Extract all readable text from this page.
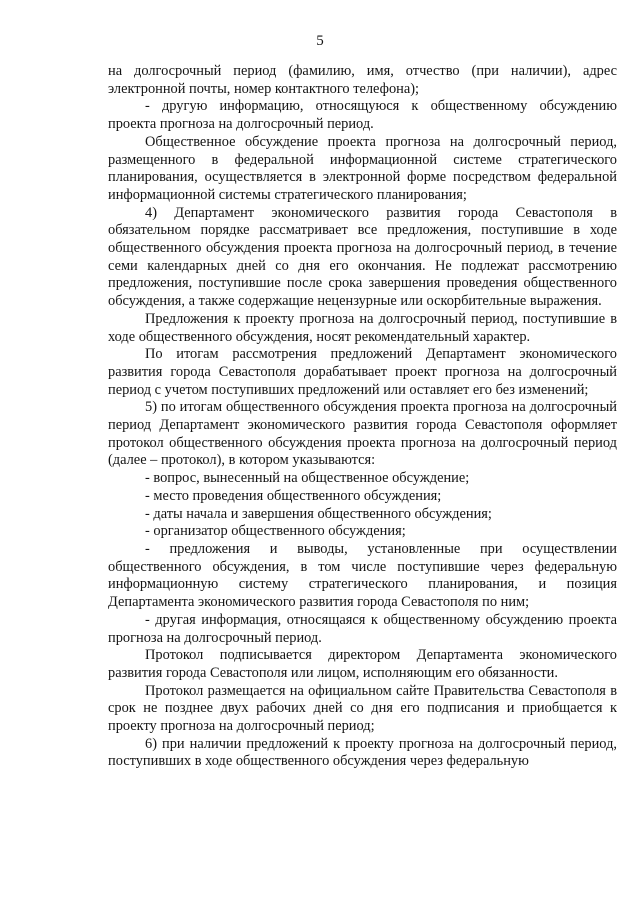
5

на долгосрочный период (фамилию, имя, отчество (при наличии), адрес электронной почты, номер контактного телефона);

- другую информацию, относящуюся к общественному обсуждению проекта прогноза на долгосрочный период.

Общественное обсуждение проекта прогноза на долгосрочный период, размещенного в федеральной информационной системе стратегического планирования, осуществляется в электронной форме посредством федеральной информационной системы стратегического планирования;

4) Департамент экономического развития города Севастополя в обязательном порядке рассматривает все предложения, поступившие в ходе общественного обсуждения проекта прогноза на долгосрочный период, в течение семи календарных дней со дня его окончания. Не подлежат рассмотрению предложения, поступившие после срока завершения проведения общественного обсуждения, а также содержащие нецензурные или оскорбительные выражения.

Предложения к проекту прогноза на долгосрочный период, поступившие в ходе общественного обсуждения, носят рекомендательный характер.

По итогам рассмотрения предложений Департамент экономического развития города Севастополя дорабатывает проект прогноза на долгосрочный период с учетом поступивших предложений или оставляет его без изменений;

5) по итогам общественного обсуждения проекта прогноза на долгосрочный период Департамент экономического развития города Севастополя оформляет протокол общественного обсуждения проекта прогноза на долгосрочный период (далее – протокол), в котором указываются:

- вопрос, вынесенный на общественное обсуждение;

- место проведения общественного обсуждения;

- даты начала и завершения общественного обсуждения;

- организатор общественного обсуждения;

- предложения и выводы, установленные при осуществлении общественного обсуждения, в том числе поступившие через федеральную информационную систему стратегического планирования, и позиция Департамента экономического развития города Севастополя по ним;

- другая информация, относящаяся к общественному обсуждению проекта прогноза на долгосрочный период.

Протокол подписывается директором Департамента экономического развития города Севастополя или лицом, исполняющим его обязанности.

Протокол размещается на официальном сайте Правительства Севастополя в срок не позднее двух рабочих дней со дня его подписания и приобщается к проекту прогноза на долгосрочный период;

6) при наличии предложений к проекту прогноза на долгосрочный период, поступивших в ходе общественного обсуждения через федеральную
